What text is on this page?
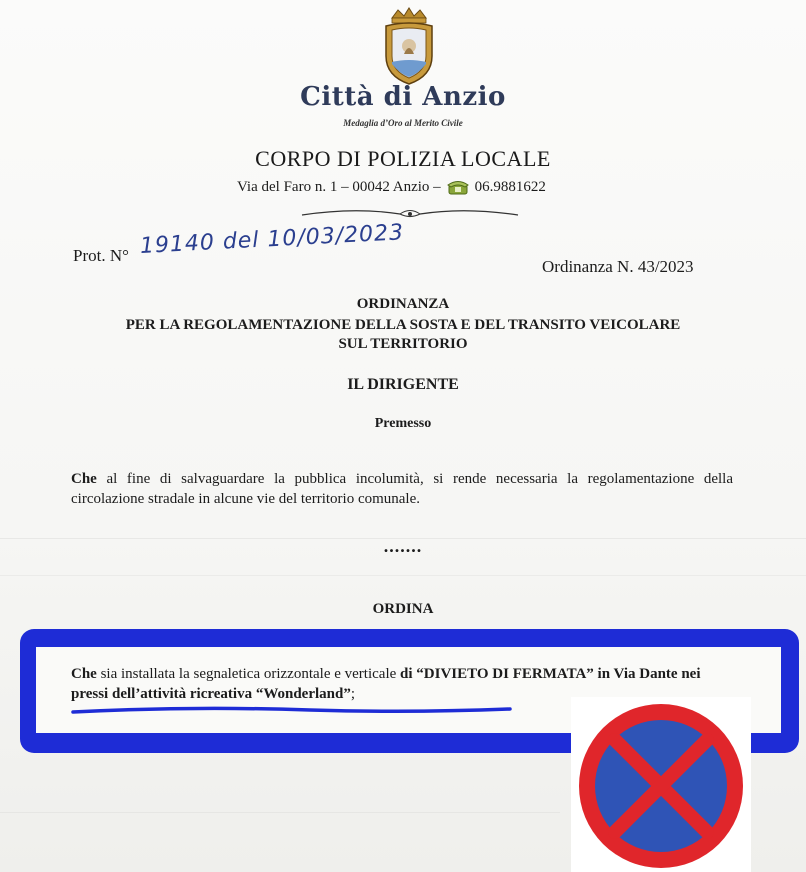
Città di Anzio
Medaglia d’Oro al Merito Civile
CORPO DI POLIZIA LOCALE
Via del Faro n. 1 – 00042 Anzio – 06.9881622
Prot. N° 19140 del 10/03/2023
Ordinanza N. 43/2023
ORDINANZA
PER LA REGOLAMENTAZIONE DELLA SOSTA E DEL TRANSITO VEICOLARE
SUL TERRITORIO
IL DIRIGENTE
Premesso
Che al fine di salvaguardare la pubblica incolumità, si rende necessaria la regolamentazione della circolazione stradale in alcune vie del territorio comunale.
.......
ORDINA
Che sia installata la segnaletica orizzontale e verticale di “DIVIETO DI FERMATA” in Via Dante nei pressi dell’attività ricreativa “Wonderland”;
